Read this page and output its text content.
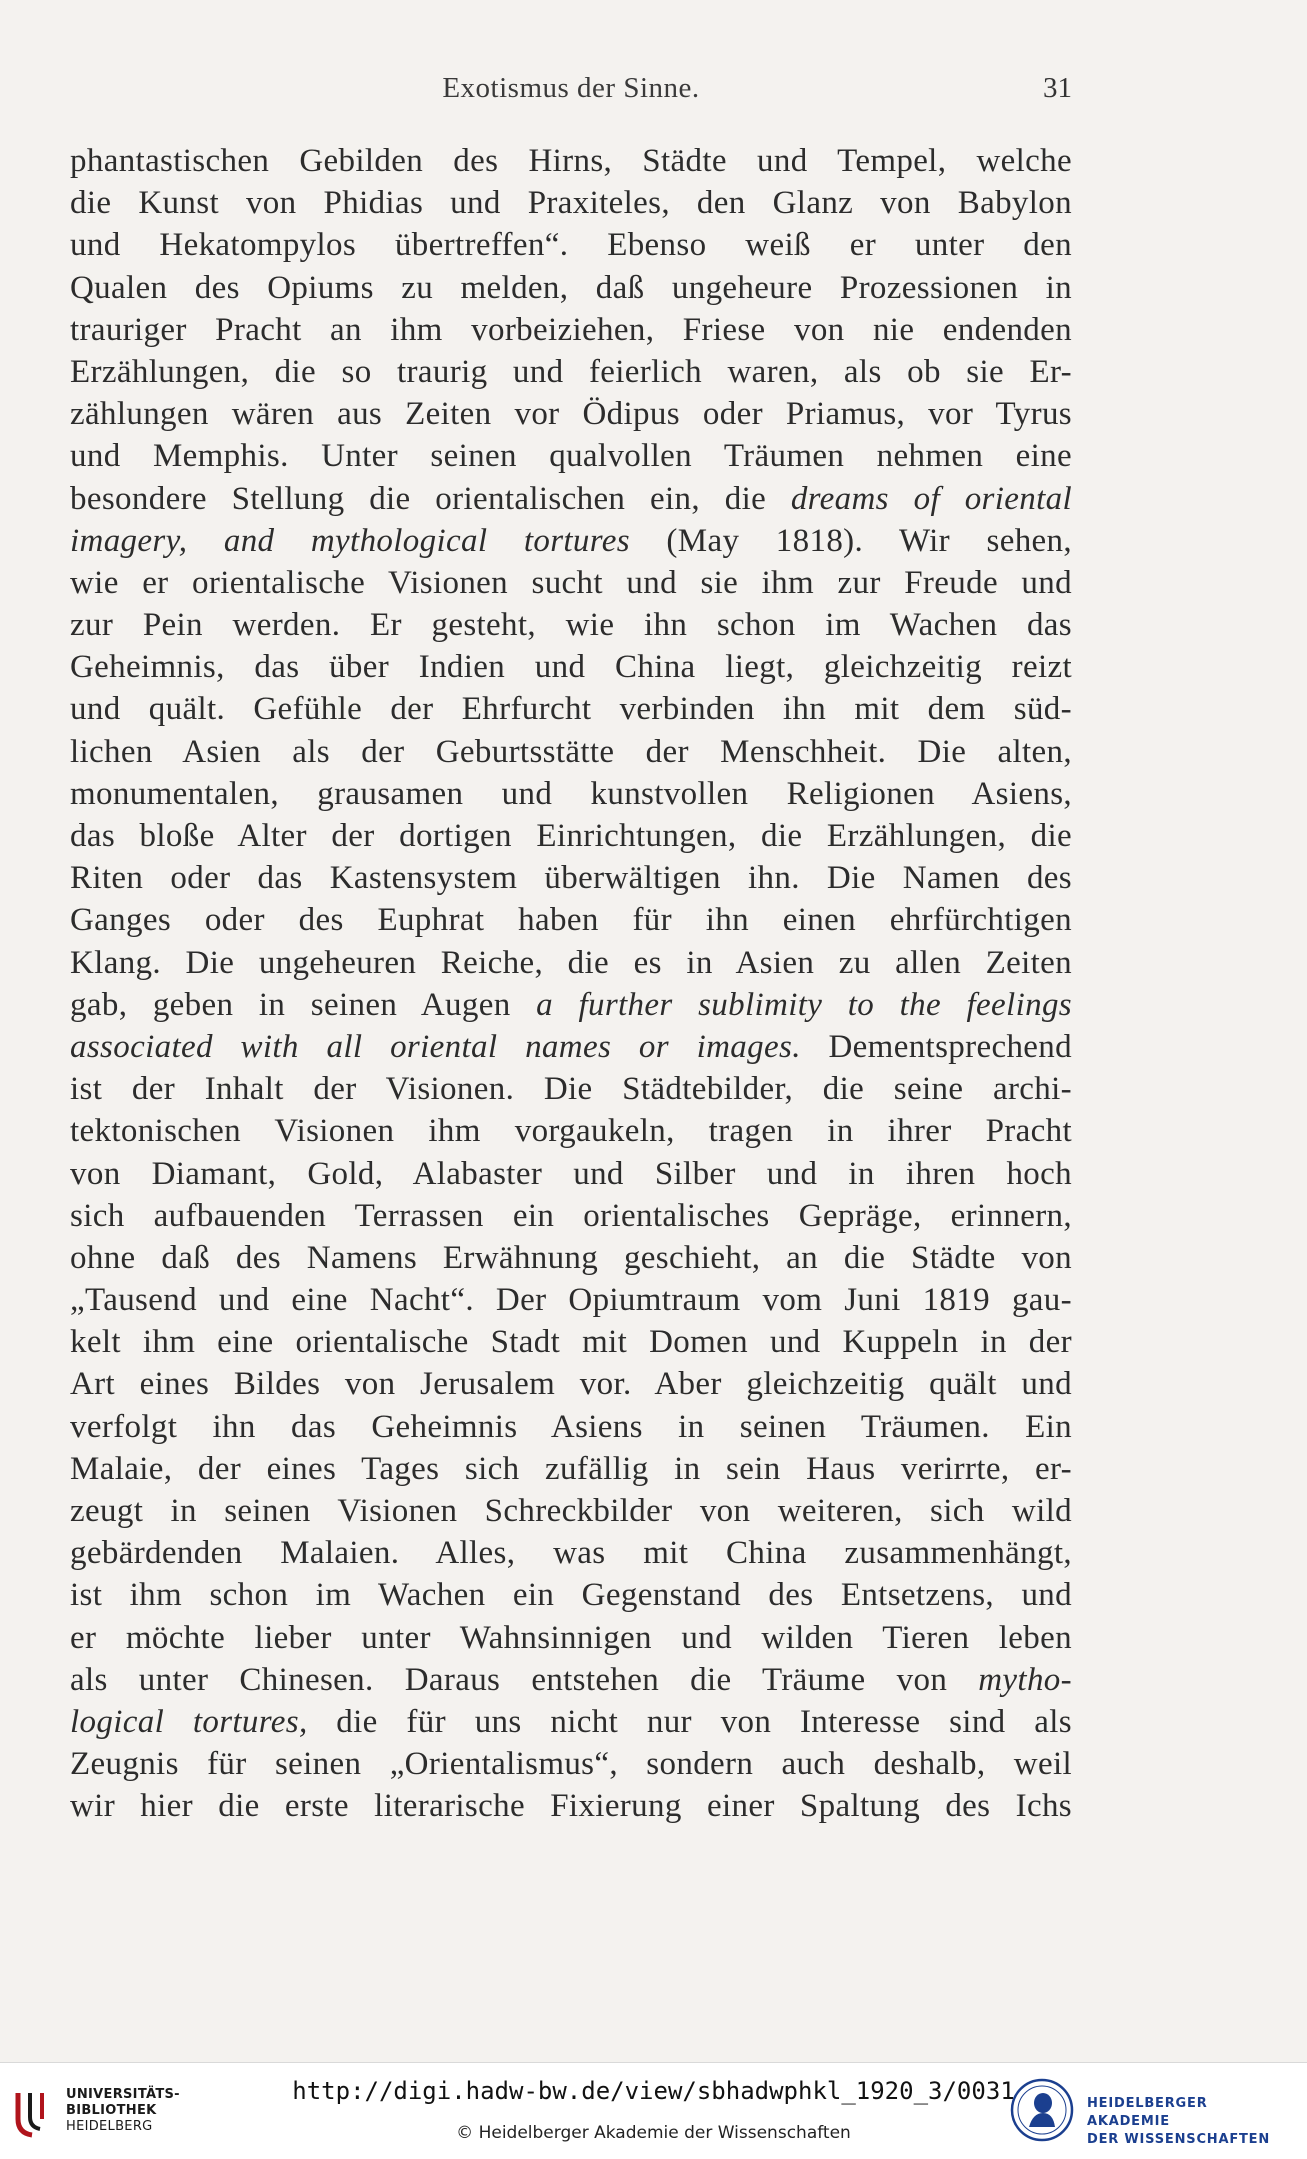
Exotismus der Sinne.	31
phantastischen Gebilden des Hirns, Städte und Tempel, welche
die Kunst von Phidias und Praxiteles, den Glanz von Babylon
und Hekatompylos übertreffen“. Ebenso weiß er unter den
Qualen des Opiums zu melden, daß ungeheure Prozessionen in
trauriger Pracht an ihm vorbeiziehen, Friese von nie endenden
Erzählungen, die so traurig und feierlich waren, als ob sie Er-
zählungen wären aus Zeiten vor Ödipus oder Priamus, vor Tyrus
und Memphis. Unter seinen qualvollen Träumen nehmen eine
besondere Stellung die orientalischen ein, die dreams of oriental
imagery, and mythological tortures (May 1818). Wir sehen,
wie er orientalische Visionen sucht und sie ihm zur Freude und
zur Pein werden. Er gesteht, wie ihn schon im Wachen das
Geheimnis, das über Indien und China liegt, gleichzeitig reizt
und quält. Gefühle der Ehrfurcht verbinden ihn mit dem süd-
lichen Asien als der Geburtsstätte der Menschheit. Die alten,
monumentalen, grausamen und kunstvollen Religionen Asiens,
das bloße Alter der dortigen Einrichtungen, die Erzählungen, die
Riten oder das Kastensystem überwältigen ihn. Die Namen des
Ganges oder des Euphrat haben für ihn einen ehrfürchtigen
Klang. Die ungeheuren Reiche, die es in Asien zu allen Zeiten
gab, geben in seinen Augen a further sublimity to the feelings
associated with all oriental names or images. Dementsprechend
ist der Inhalt der Visionen. Die Städtebilder, die seine archi-
tektonischen Visionen ihm vorgaukeln, tragen in ihrer Pracht
von Diamant, Gold, Alabaster und Silber und in ihren hoch
sich aufbauenden Terrassen ein orientalisches Gepräge, erinnern,
ohne daß des Namens Erwähnung geschieht, an die Städte von
„Tausend und eine Nacht“. Der Opiumtraum vom Juni 1819 gau-
kelt ihm eine orientalische Stadt mit Domen und Kuppeln in der
Art eines Bildes von Jerusalem vor. Aber gleichzeitig quält und
verfolgt ihn das Geheimnis Asiens in seinen Träumen. Ein
Malaie, der eines Tages sich zufällig in sein Haus verirrte, er-
zeugt in seinen Visionen Schreckbilder von weiteren, sich wild
gebärdenden Malaien. Alles, was mit China zusammenhängt,
ist ihm schon im Wachen ein Gegenstand des Entsetzens, und
er möchte lieber unter Wahnsinnigen und wilden Tieren leben
als unter Chinesen. Daraus entstehen die Träume von mytho-
logical tortures, die für uns nicht nur von Interesse sind als
Zeugnis für seinen „Orientalismus“, sondern auch deshalb, weil
wir hier die erste literarische Fixierung einer Spaltung des Ichs
UNIVERSITÄTS-
BIBLIOTHEK
HEIDELBERG
http://digi.hadw-bw.de/view/sbhadwphkl_1920_3/0031
© Heidelberger Akademie der Wissenschaften
HEIDELBERGER AKADEMIE
DER WISSENSCHAFTEN
